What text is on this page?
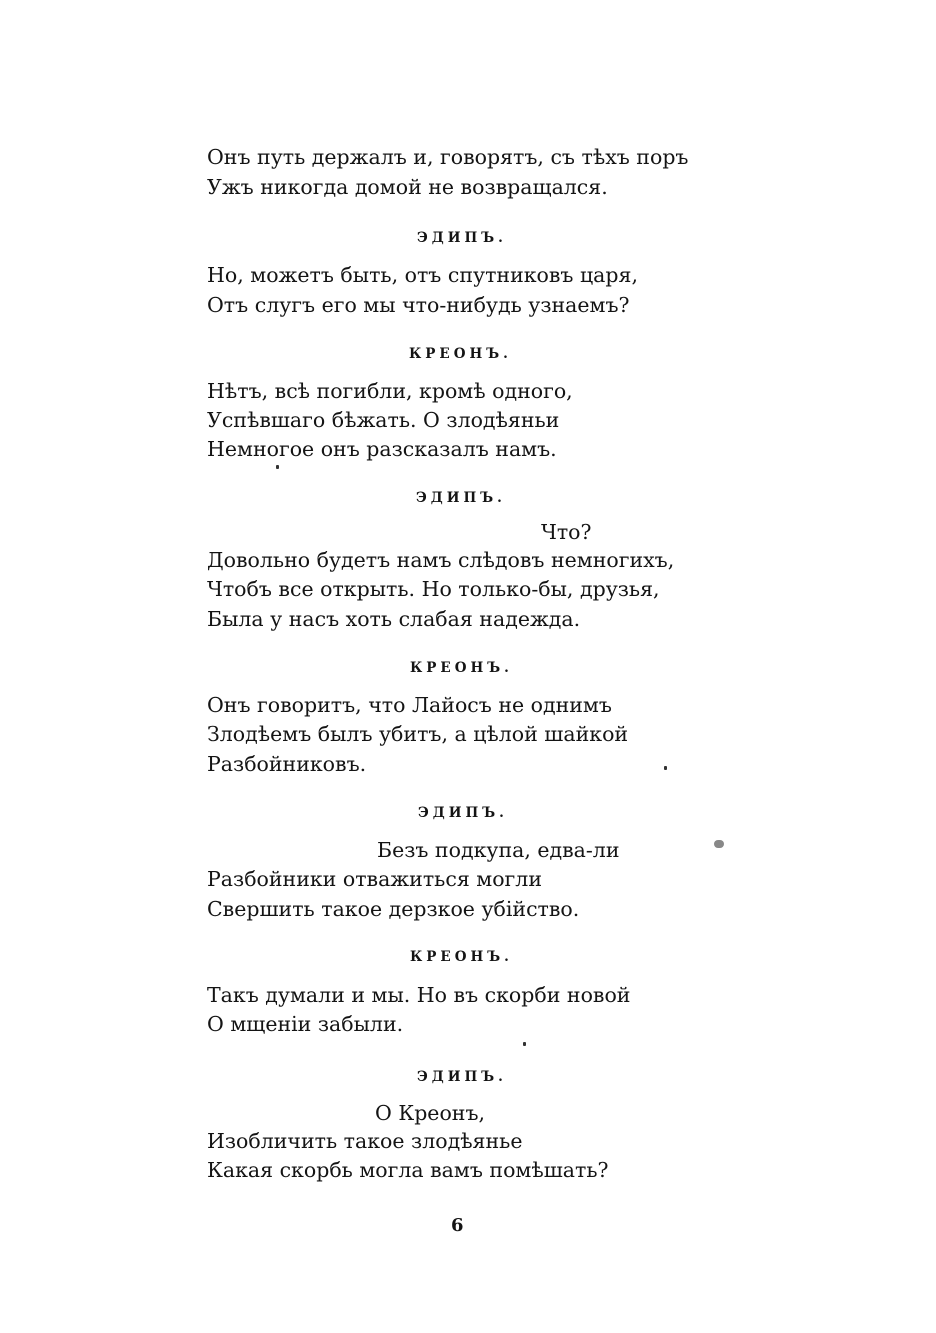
Онъ путь держалъ и, говорятъ, съ тѣхъ поръ
Ужъ никогда домой не возвращался.
ЭДИПЪ.
Но, можетъ быть, отъ спутниковъ царя,
Отъ слугъ его мы что-нибудь узнаемъ?
КРЕОНЪ.
Нѣтъ, всѣ погибли, кромѣ одного,
Успѣвшаго бѣжать. О злодѣяньи
Немногое онъ разсказалъ намъ.
ЭДИПЪ.
Что?
Довольно будетъ намъ слѣдовъ немногихъ,
Чтобъ все открыть. Но только-бы, друзья,
Была у насъ хоть слабая надежда.
КРЕОНЪ.
Онъ говоритъ, что Лайосъ не однимъ
Злодѣемъ былъ убитъ, а цѣлой шайкой
Разбойниковъ.
ЭДИПЪ.
Безъ подкупа, едва-ли
Разбойники отважиться могли
Свершить такое дерзкое убійство.
КРЕОНЪ.
Такъ думали и мы. Но въ скорби новой
О мщеніи забыли.
ЭДИПЪ.
О Креонъ,
Изобличить такое злодѣянье
Какая скорбь могла вамъ помѣшать?
6
